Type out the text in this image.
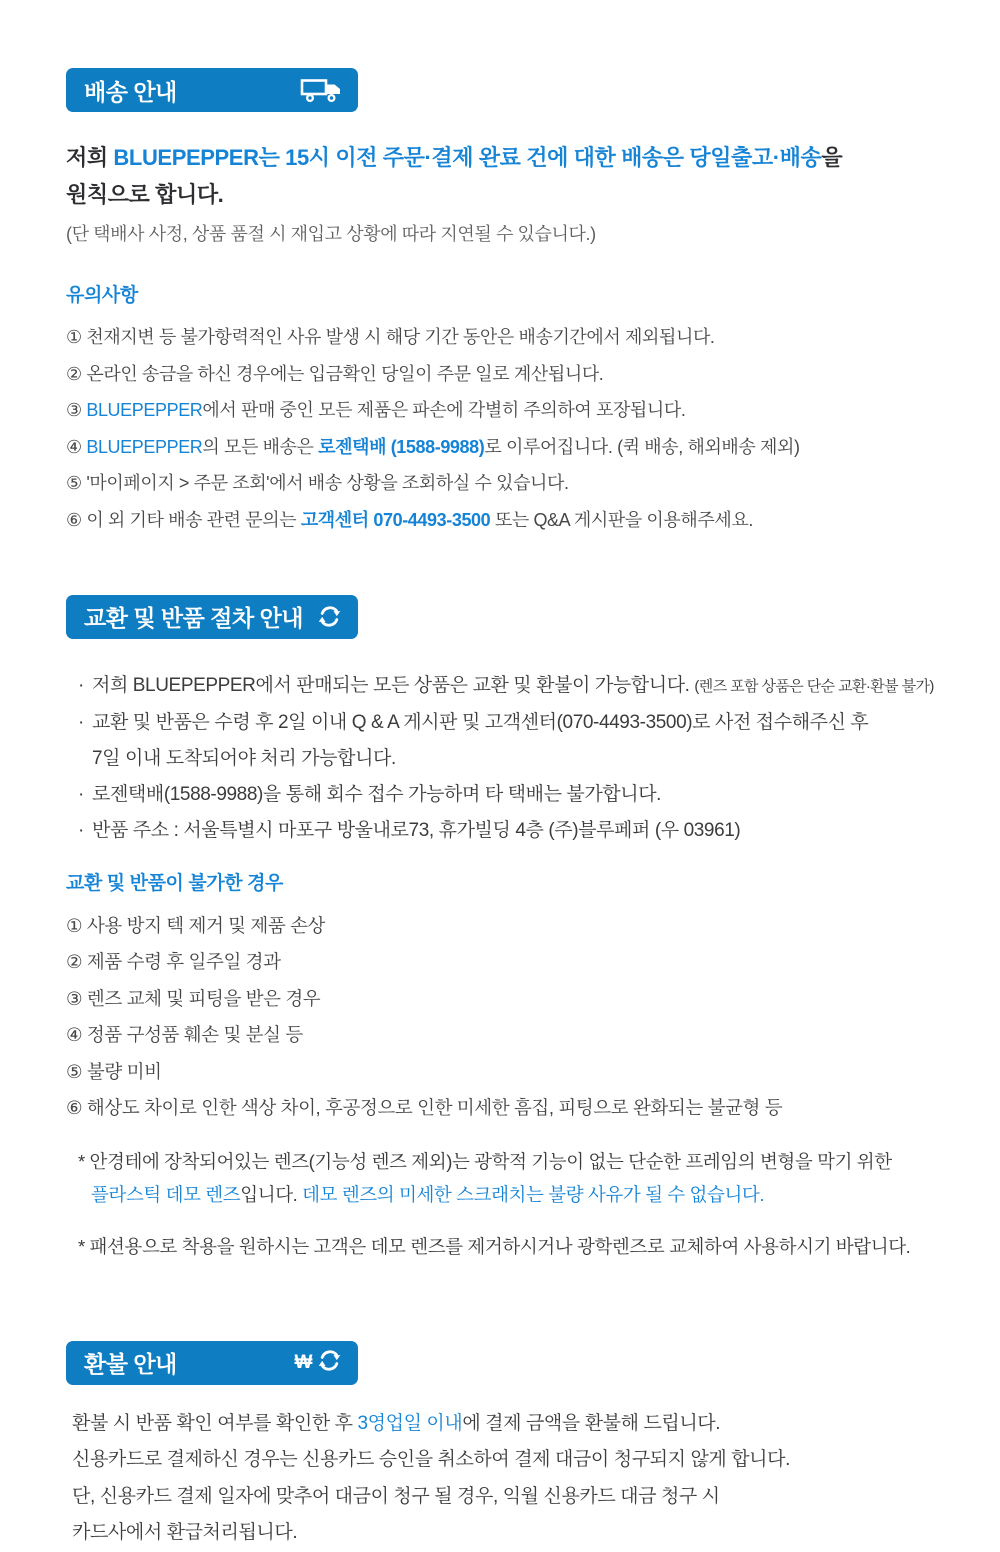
배송 안내

저희 BLUEPEPPER는 15시 이전 주문·결제 완료 건에 대한 배송은 당일출고·배송을
원칙으로 합니다.

(단 택배사 사정, 상품 품절 시 재입고 상황에 따라 지연될 수 있습니다.)

유의사항
① 천재지변 등 불가항력적인 사유 발생 시 해당 기간 동안은 배송기간에서 제외됩니다.
② 온라인 송금을 하신 경우에는 입금확인 당일이 주문 일로 계산됩니다.
③ BLUEPEPPER에서 판매 중인 모든 제품은 파손에 각별히 주의하여 포장됩니다.
④ BLUEPEPPER의 모든 배송은 로젠택배 (1588-9988)로 이루어집니다. (퀵 배송, 해외배송 제외)
⑤ '마이페이지 > 주문 조회'에서 배송 상황을 조회하실 수 있습니다.
⑥ 이 외 기타 배송 관련 문의는 고객센터 070-4493-3500 또는 Q&A 게시판을 이용해주세요.
교환 및 반품 절차 안내
· 저희 BLUEPEPPER에서 판매되는 모든 상품은 교환 및 환불이 가능합니다. (렌즈 포함 상품은 단순 교환·환불 불가)
· 교환 및 반품은 수령 후 2일 이내 Q & A 게시판 및 고객센터(070-4493-3500)로 사전 접수해주신 후
7일 이내 도착되어야 처리 가능합니다.
· 로젠택배(1588-9988)을 통해 회수 접수 가능하며 타 택배는 불가합니다.
· 반품 주소 : 서울특별시 마포구 방울내로73, 휴가빌딩 4층 (주)블루페퍼 (우 03961)
교환 및 반품이 불가한 경우
① 사용 방지 텍 제거 및 제품 손상
② 제품 수령 후 일주일 경과
③ 렌즈 교체 및 피팅을 받은 경우
④ 정품 구성품 훼손 및 분실 등
⑤ 불량 미비
⑥ 해상도 차이로 인한 색상 차이, 후공정으로 인한 미세한 흠집, 피팅으로 완화되는 불균형 등

* 안경테에 장착되어있는 렌즈(기능성 렌즈 제외)는 광학적 기능이 없는 단순한 프레임의 변형을 막기 위한
플라스틱 데모 렌즈입니다. 데모 렌즈의 미세한 스크래치는 불량 사유가 될 수 없습니다.

* 패션용으로 착용을 원하시는 고객은 데모 렌즈를 제거하시거나 광학렌즈로 교체하여 사용하시기 바랍니다.

환불 안내	₩

환불 시 반품 확인 여부를 확인한 후 3영업일 이내에 결제 금액을 환불해 드립니다.

신용카드로 결제하신 경우는 신용카드 승인을 취소하여 결제 대금이 청구되지 않게 합니다.

단, 신용카드 결제 일자에 맞추어 대금이 청구 될 경우, 익월 신용카드 대금 청구 시

카드사에서 환급처리됩니다.
